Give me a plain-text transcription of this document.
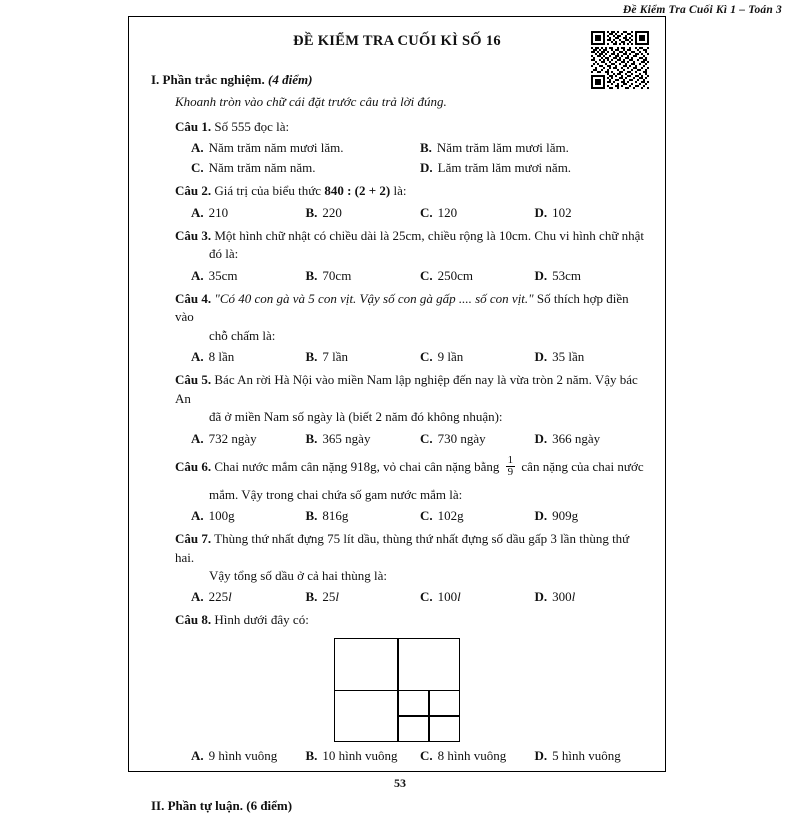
Đề Kiểm Tra Cuối Kì 1 – Toán 3
ĐỀ KIỂM TRA CUỐI KÌ SỐ 16
I. Phần trắc nghiệm. (4 điểm)
Khoanh tròn vào chữ cái đặt trước câu trả lời đúng.
Câu 1. Số 555 đọc là:
A. Năm trăm năm mươi lăm.	B. Năm trăm lăm mươi lăm.
C. Năm trăm năm năm.	D. Lăm trăm lăm mươi năm.
Câu 2. Giá trị của biểu thức 840 : (2 + 2) là:
A. 210	B. 220	C. 120	D. 102
Câu 3. Một hình chữ nhật có chiều dài là 25cm, chiều rộng là 10cm. Chu vi hình chữ nhật
đó là:
A. 35cm	B. 70cm	C. 250cm	D. 53cm
Câu 4. "Có 40 con gà và 5 con vịt. Vậy số con gà gấp .... số con vịt." Số thích hợp điền vào
chỗ chấm là:
A. 8 lần	B. 7 lần	C. 9 lần	D. 35 lần
Câu 5. Bác An rời Hà Nội vào miền Nam lập nghiệp đến nay là vừa tròn 2 năm. Vậy bác An
đã ở miền Nam số ngày là (biết 2 năm đó không nhuận):
A. 732 ngày	B. 365 ngày	C. 730 ngày	D. 366 ngày
Câu 6. Chai nước mắm cân nặng 918g, vỏ chai cân nặng bằng $\frac{1}{9}$ cân nặng của chai nước
mắm. Vậy trong chai chứa số gam nước mắm là:
A. 100g	B. 816g	C. 102g	D. 909g
Câu 7. Thùng thứ nhất đựng 75 lít dầu, thùng thứ nhất đựng số dầu gấp 3 lần thùng thứ hai.
Vậy tổng số dầu ở cả hai thùng là:
A. 225l	B. 25l	C. 100l	D. 300l
Câu 8. Hình dưới đây có:
A. 9 hình vuông	B. 10 hình vuông	C. 8 hình vuông	D. 5 hình vuông
II. Phần tự luận. (6 điểm)
53
